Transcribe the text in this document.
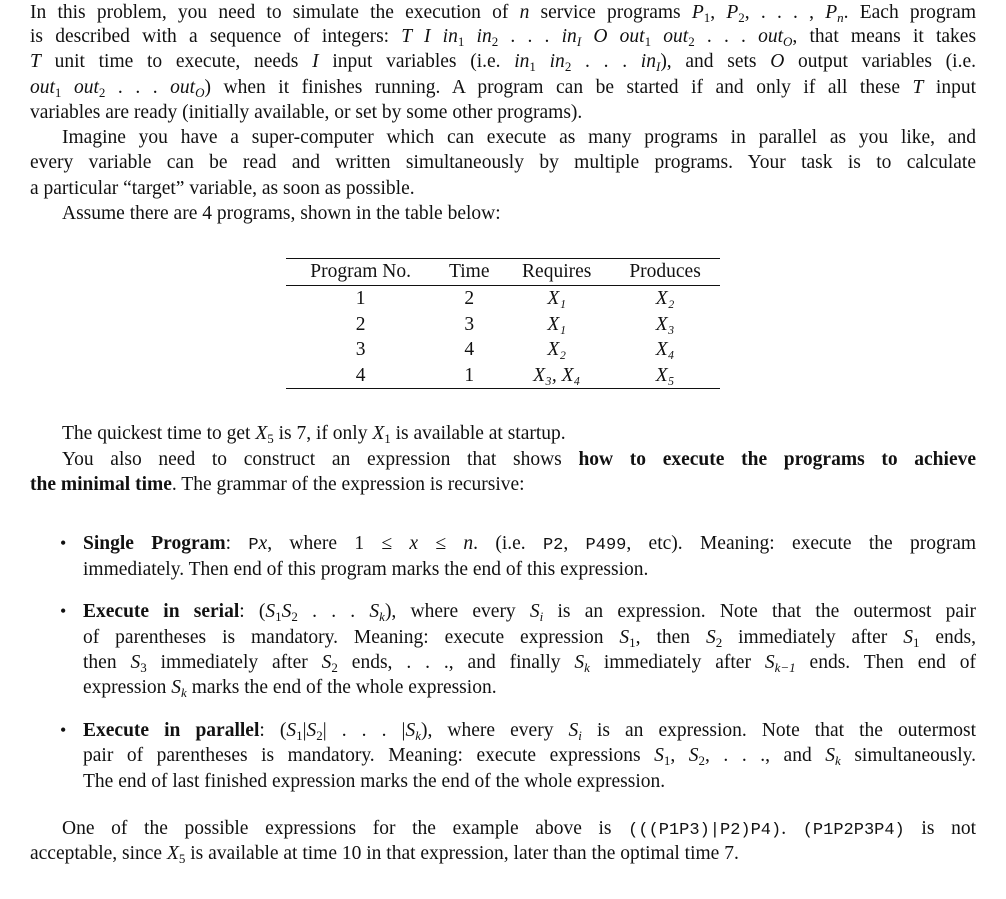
In this problem, you need to simulate the execution of n service programs $P_1$, $P_2$, . . . , $P_n$. Each program
is described with a sequence of integers: T I $in_1$ $in_2$ . . . $in_I$ O out$_1$ out$_2$ . . . out$_O$, that means it takes
T unit time to execute, needs I input variables (i.e. $in_1$ $in_2$ . . . $in_I$), and sets O output variables (i.e.
out$_1$ out$_2$ . . . out$_O$) when it finishes running. A program can be started if and only if all these T input
variables are ready (initially available, or set by some other programs).
Imagine you have a super-computer which can execute as many programs in parallel as you like, and
every variable can be read and written simultaneously by multiple programs. Your task is to calculate
a particular “target” variable, as soon as possible.
Assume there are 4 programs, shown in the table below:
The quickest time to get $X_5$ is 7, if only $X_1$ is available at startup.
You also need to construct an expression that shows how to execute the programs to achieve
the minimal time. The grammar of the expression is recursive:
Single Program: Px, where 1 ≤ x ≤ n. (i.e. P2, P499, etc). Meaning: execute the program
immediately. Then end of this program marks the end of this expression.
Execute in serial: ($S_1S_2$ . . . $S_k$), where every $S_i$ is an expression. Note that the outermost pair
of parentheses is mandatory. Meaning: execute expression $S_1$, then $S_2$ immediately after $S_1$ ends,
then $S_3$ immediately after $S_2$ ends, . . ., and finally $S_k$ immediately after $S_{k-1}$ ends. Then end of
expression $S_k$ marks the end of the whole expression.
Execute in parallel: ($S_1|S_2|$ . . . $|S_k$), where every $S_i$ is an expression. Note that the outermost
pair of parentheses is mandatory. Meaning: execute expressions $S_1$, $S_2$, . . ., and $S_k$ simultaneously.
The end of last finished expression marks the end of the whole expression.
One of the possible expressions for the example above is (((P1P3)|P2)P4). (P1P2P3P4) is not
acceptable, since $X_5$ is available at time 10 in that expression, later than the optimal time 7.
•
•
•
Program No.	Time	Requires	Produces
1	2	X₁	X₂
2	3	X₁	X₃
3	4	X₂	X₄
4	1	X₃, X₄	X₅
